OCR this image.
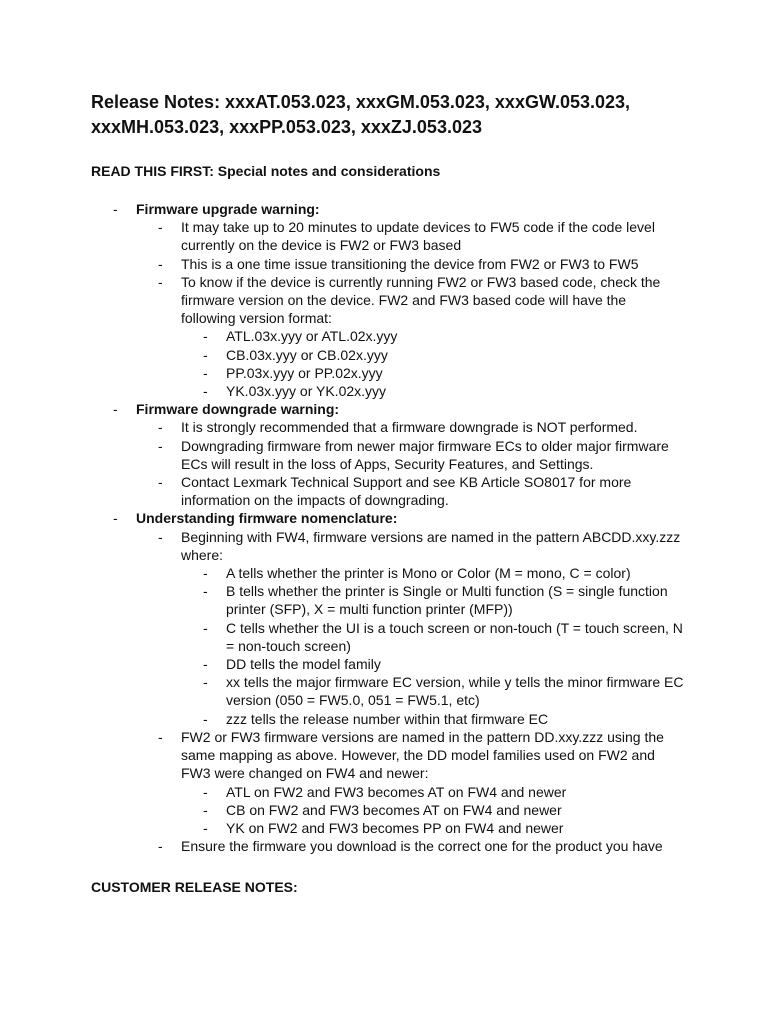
Release Notes: xxxAT.053.023, xxxGM.053.023, xxxGW.053.023, xxxMH.053.023, xxxPP.053.023, xxxZJ.053.023
READ THIS FIRST: Special notes and considerations
- Firmware upgrade warning:
- It may take up to 20 minutes to update devices to FW5 code if the code level currently on the device is FW2 or FW3 based
- This is a one time issue transitioning the device from FW2 or FW3 to FW5
- To know if the device is currently running FW2 or FW3 based code, check the firmware version on the device. FW2 and FW3 based code will have the following version format:
- ATL.03x.yyy or ATL.02x.yyy
- CB.03x.yyy or CB.02x.yyy
- PP.03x.yyy or PP.02x.yyy
- YK.03x.yyy or YK.02x.yyy
- Firmware downgrade warning:
- It is strongly recommended that a firmware downgrade is NOT performed.
- Downgrading firmware from newer major firmware ECs to older major firmware ECs will result in the loss of Apps, Security Features, and Settings.
- Contact Lexmark Technical Support and see KB Article SO8017 for more information on the impacts of downgrading.
- Understanding firmware nomenclature:
- Beginning with FW4, firmware versions are named in the pattern ABCDD.xxy.zzz where:
- A tells whether the printer is Mono or Color (M = mono, C = color)
- B tells whether the printer is Single or Multi function (S = single function printer (SFP), X = multi function printer (MFP))
- C tells whether the UI is a touch screen or non-touch (T = touch screen, N = non-touch screen)
- DD tells the model family
- xx tells the major firmware EC version, while y tells the minor firmware EC version (050 = FW5.0, 051 = FW5.1, etc)
- zzz tells the release number within that firmware EC
- FW2 or FW3 firmware versions are named in the pattern DD.xxy.zzz using the same mapping as above. However, the DD model families used on FW2 and FW3 were changed on FW4 and newer:
- ATL on FW2 and FW3 becomes AT on FW4 and newer
- CB on FW2 and FW3 becomes AT on FW4 and newer
- YK on FW2 and FW3 becomes PP on FW4 and newer
- Ensure the firmware you download is the correct one for the product you have
CUSTOMER RELEASE NOTES:
